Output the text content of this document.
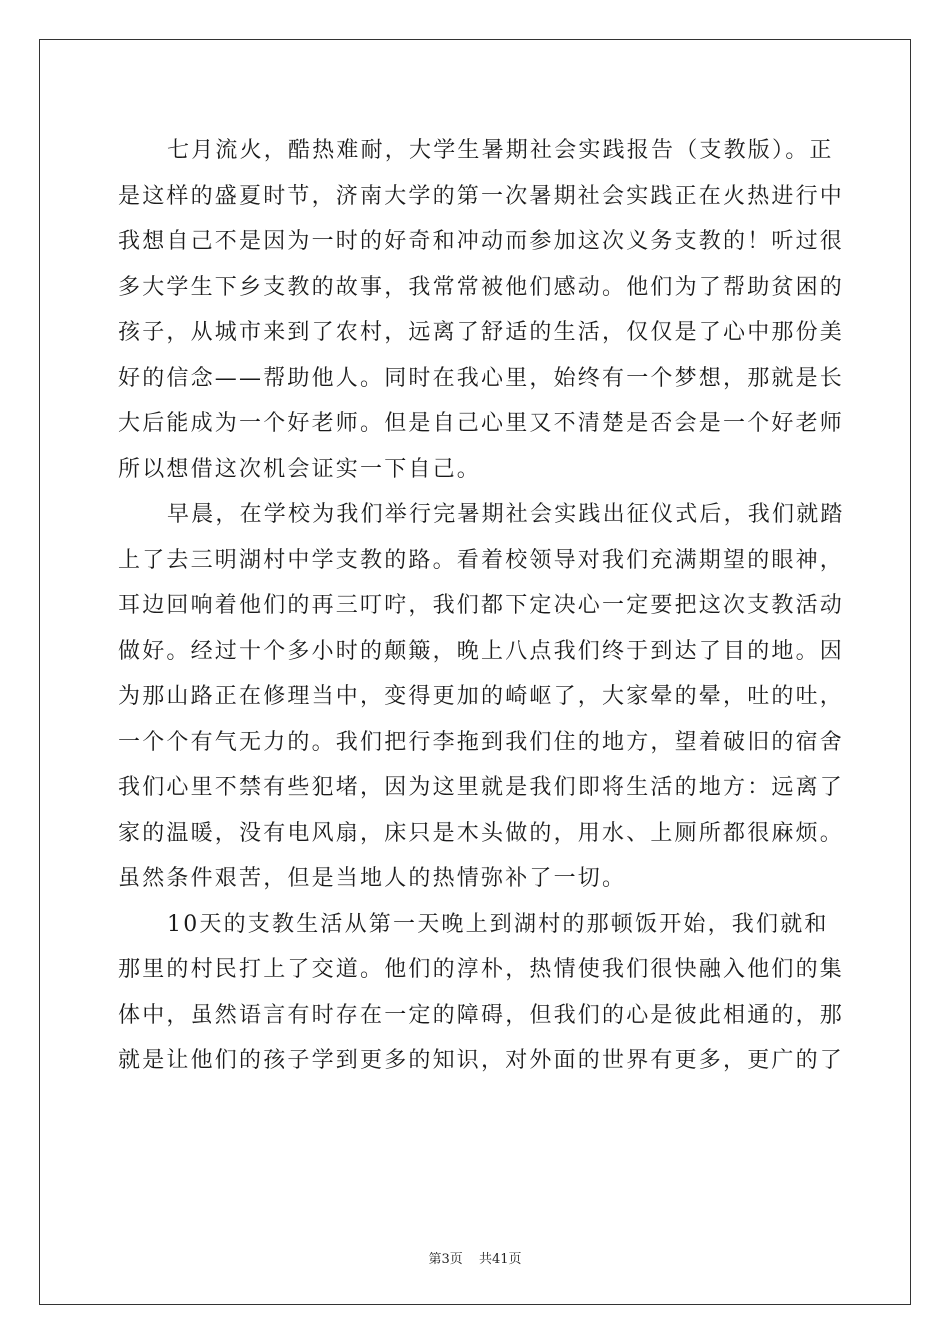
七月流火，酷热难耐，大学生暑期社会实践报告（支教版）。正
是这样的盛夏时节，济南大学的第一次暑期社会实践正在火热进行中
我想自己不是因为一时的好奇和冲动而参加这次义务支教的！听过很
多大学生下乡支教的故事，我常常被他们感动。他们为了帮助贫困的
孩子，从城市来到了农村，远离了舒适的生活，仅仅是了心中那份美
好的信念——帮助他人。同时在我心里，始终有一个梦想，那就是长
大后能成为一个好老师。但是自己心里又不清楚是否会是一个好老师
所以想借这次机会证实一下自己。

早晨，在学校为我们举行完暑期社会实践出征仪式后，我们就踏
上了去三明湖村中学支教的路。看着校领导对我们充满期望的眼神，
耳边回响着他们的再三叮咛，我们都下定决心一定要把这次支教活动
做好。经过十个多小时的颠簸，晚上八点我们终于到达了目的地。因
为那山路正在修理当中，变得更加的崎岖了，大家晕的晕，吐的吐，
一个个有气无力的。我们把行李拖到我们住的地方，望着破旧的宿舍
我们心里不禁有些犯堵，因为这里就是我们即将生活的地方：远离了
家的温暖，没有电风扇，床只是木头做的，用水、上厕所都很麻烦。
虽然条件艰苦，但是当地人的热情弥补了一切。

10天的支教生活从第一天晚上到湖村的那顿饭开始，我们就和
那里的村民打上了交道。他们的淳朴，热情使我们很快融入他们的集
体中，虽然语言有时存在一定的障碍，但我们的心是彼此相通的，那
就是让他们的孩子学到更多的知识，对外面的世界有更多，更广的了

第3页 共41页
